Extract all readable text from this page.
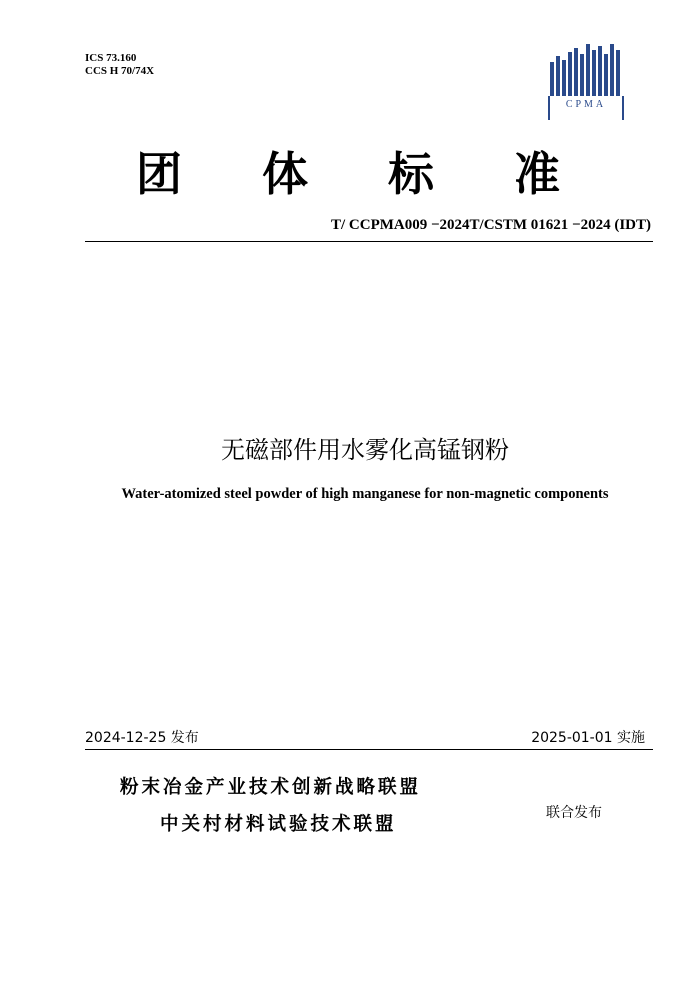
ICS 73.160
CCS H 70/74X
CPMA
团 体 标 准
T/ CCPMA009 −2024T/CSTM 01621 −2024 (IDT)
无磁部件用水雾化高锰钢粉
Water-atomized steel powder of high manganese for non-magnetic components
2024-12-25 发布	2025-01-01 实施
粉末冶金产业技术创新战略联盟
中关村材料试验技术联盟
联合发布
